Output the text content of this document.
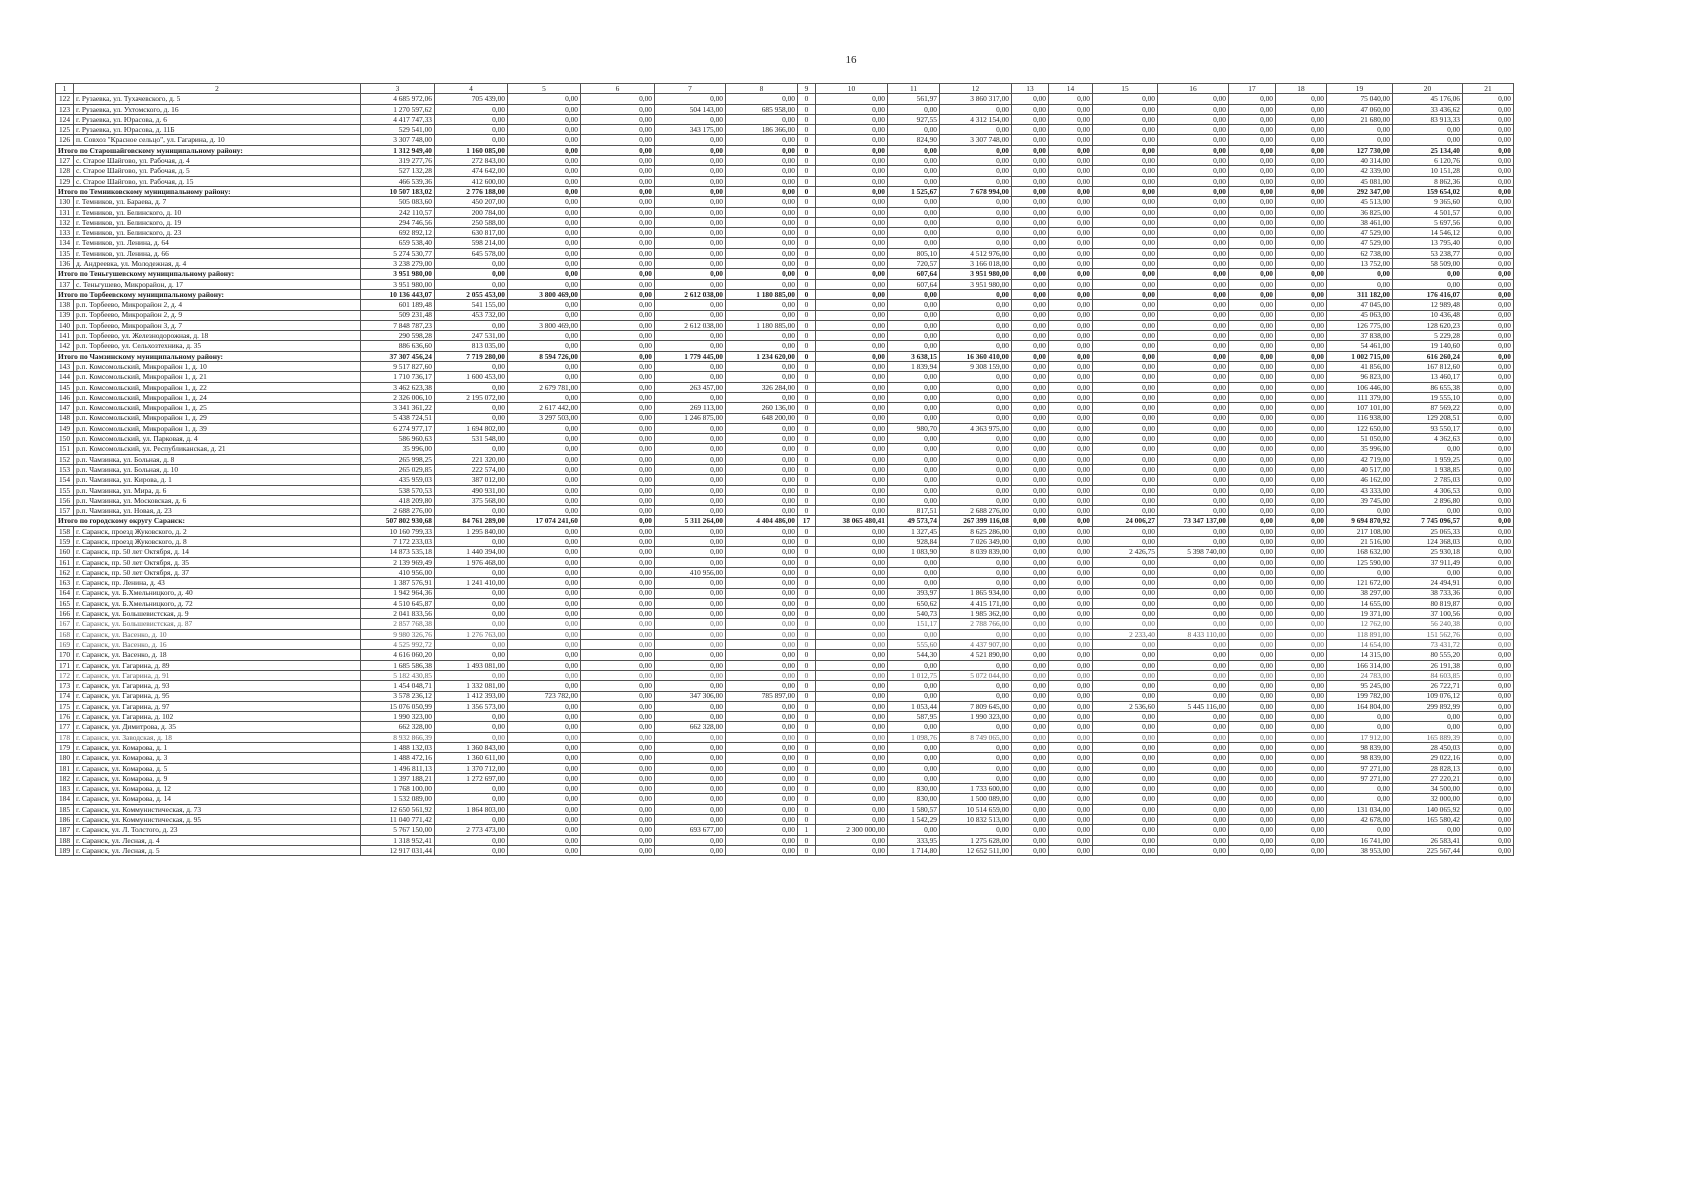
16
1	2	3	4	5	6	7	8	9	10	11	12	13	14	15	16	17	18	19	20	21
122	г. Рузаевка, ул. Тухачевского, д. 5	4 685 972,06	705 439,00	0,00	0,00	0,00	0,00	0	0,00	561,97	3 860 317,00	0,00	0,00	0,00	0,00	0,00	0,00	75 040,00	45 176,06	0,00
123	г. Рузаевка, ул. Ухтомского, д. 16	1 270 597,62	0,00	0,00	0,00	504 143,00	685 958,00	0	0,00	0,00	0,00	0,00	0,00	0,00	0,00	0,00	0,00	47 060,00	33 436,62	0,00
124	г. Рузаевка, ул. Юрасова, д. 6	4 417 747,33	0,00	0,00	0,00	0,00	0,00	0	0,00	927,55	4 312 154,00	0,00	0,00	0,00	0,00	0,00	0,00	21 680,00	83 913,33	0,00
125	г. Рузаевка, ул. Юрасова, д. 11Б	529 541,00	0,00	0,00	0,00	343 175,00	186 366,00	0	0,00	0,00	0,00	0,00	0,00	0,00	0,00	0,00	0,00	0,00	0,00	0,00
126	п. Совхоз "Красное сельцо", ул. Гагарина, д. 10	3 307 748,00	0,00	0,00	0,00	0,00	0,00	0	0,00	824,90	3 307 748,00	0,00	0,00	0,00	0,00	0,00	0,00	0,00	0,00	0,00
Итого по Старошайговскому муниципальному району:		1 312 949,40	1 160 085,00	0,00	0,00	0,00	0,00	0	0,00	0,00	0,00	0,00	0,00	0,00	0,00	0,00	0,00	127 730,00	25 134,40	0,00
127	с. Старое Шайгово, ул. Рабочая, д. 4	319 277,76	272 843,00	0,00	0,00	0,00	0,00	0	0,00	0,00	0,00	0,00	0,00	0,00	0,00	0,00	0,00	40 314,00	6 120,76	0,00
128	с. Старое Шайгово, ул. Рабочая, д. 5	527 132,28	474 642,00	0,00	0,00	0,00	0,00	0	0,00	0,00	0,00	0,00	0,00	0,00	0,00	0,00	0,00	42 339,00	10 151,28	0,00
129	с. Старое Шайгово, ул. Рабочая, д. 15	466 539,36	412 600,00	0,00	0,00	0,00	0,00	0	0,00	0,00	0,00	0,00	0,00	0,00	0,00	0,00	0,00	45 081,00	8 862,36	0,00
Итого по Темниковскому муниципальному району:		10 507 183,02	2 776 188,00	0,00	0,00	0,00	0,00	0	0,00	1 525,67	7 678 994,00	0,00	0,00	0,00	0,00	0,00	0,00	292 347,00	159 654,02	0,00
130	г. Темников, ул. Бараева, д. 7	505 083,60	450 207,00	0,00	0,00	0,00	0,00	0	0,00	0,00	0,00	0,00	0,00	0,00	0,00	0,00	0,00	45 513,00	9 365,60	0,00
131	г. Темников, ул. Белинского, д. 10	242 110,57	200 784,00	0,00	0,00	0,00	0,00	0	0,00	0,00	0,00	0,00	0,00	0,00	0,00	0,00	0,00	36 825,00	4 501,57	0,00
132	г. Темников, ул. Белинского, д. 19	294 746,56	250 588,00	0,00	0,00	0,00	0,00	0	0,00	0,00	0,00	0,00	0,00	0,00	0,00	0,00	0,00	38 461,00	5 697,56	0,00
133	г. Темников, ул. Белинского, д. 23	692 892,12	630 817,00	0,00	0,00	0,00	0,00	0	0,00	0,00	0,00	0,00	0,00	0,00	0,00	0,00	0,00	47 529,00	14 546,12	0,00
134	г. Темников, ул. Ленина, д. 64	659 538,40	598 214,00	0,00	0,00	0,00	0,00	0	0,00	0,00	0,00	0,00	0,00	0,00	0,00	0,00	0,00	47 529,00	13 795,40	0,00
135	г. Темников, ул. Ленина, д. 66	5 274 530,77	645 578,00	0,00	0,00	0,00	0,00	0	0,00	805,10	4 512 976,00	0,00	0,00	0,00	0,00	0,00	0,00	62 738,00	53 238,77	0,00
136	д. Андреевка, ул. Молодежная, д. 4	3 238 279,00	0,00	0,00	0,00	0,00	0,00	0	0,00	720,57	3 166 018,00	0,00	0,00	0,00	0,00	0,00	0,00	13 752,00	58 509,00	0,00
Итого по Теньгушевскому муниципальному району:		3 951 980,00	0,00	0,00	0,00	0,00	0,00	0	0,00	607,64	3 951 980,00	0,00	0,00	0,00	0,00	0,00	0,00	0,00	0,00	0,00
137	с. Теньгушево, Микрорайон, д. 17	3 951 980,00	0,00	0,00	0,00	0,00	0,00	0	0,00	607,64	3 951 980,00	0,00	0,00	0,00	0,00	0,00	0,00	0,00	0,00	0,00
Итого по Торбеевскому муниципальному району:		10 136 443,07	2 055 453,00	3 800 469,00	0,00	2 612 038,00	1 180 885,00	0	0,00	0,00	0,00	0,00	0,00	0,00	0,00	0,00	0,00	311 182,00	176 416,07	0,00
138	р.п. Торбеево, Микрорайон 2, д. 4	601 189,48	541 155,00	0,00	0,00	0,00	0,00	0	0,00	0,00	0,00	0,00	0,00	0,00	0,00	0,00	0,00	47 045,00	12 989,48	0,00
139	р.п. Торбеево, Микрорайон 2, д. 9	509 231,48	453 732,00	0,00	0,00	0,00	0,00	0	0,00	0,00	0,00	0,00	0,00	0,00	0,00	0,00	0,00	45 063,00	10 436,48	0,00
140	р.п. Торбеево, Микрорайон 3, д. 7	7 848 787,23	0,00	3 800 469,00	0,00	2 612 038,00	1 180 885,00	0	0,00	0,00	0,00	0,00	0,00	0,00	0,00	0,00	0,00	126 775,00	128 620,23	0,00
141	р.п. Торбеево, ул. Железнодорожная, д. 18	290 598,28	247 531,00	0,00	0,00	0,00	0,00	0	0,00	0,00	0,00	0,00	0,00	0,00	0,00	0,00	0,00	37 838,00	5 229,28	0,00
142	р.п. Торбеево, ул. Сельхозтехника, д. 35	886 636,60	813 035,00	0,00	0,00	0,00	0,00	0	0,00	0,00	0,00	0,00	0,00	0,00	0,00	0,00	0,00	54 461,00	19 140,60	0,00
Итого по Чамзинскому муниципальному району:		37 307 456,24	7 719 280,00	8 594 726,00	0,00	1 779 445,00	1 234 620,00	0	0,00	3 638,15	16 360 410,00	0,00	0,00	0,00	0,00	0,00	0,00	1 002 715,00	616 260,24	0,00
143	р.п. Комсомольский, Микрорайон 1, д. 10	9 517 827,60	0,00	0,00	0,00	0,00	0,00	0	0,00	1 839,94	9 308 159,00	0,00	0,00	0,00	0,00	0,00	0,00	41 856,00	167 812,60	0,00
144	р.п. Комсомольский, Микрорайон 1, д. 21	1 710 736,17	1 600 453,00	0,00	0,00	0,00	0,00	0	0,00	0,00	0,00	0,00	0,00	0,00	0,00	0,00	0,00	96 823,00	13 460,17	0,00
145	р.п. Комсомольский, Микрорайон 1, д. 22	3 462 623,38	0,00	2 679 781,00	0,00	263 457,00	326 284,00	0	0,00	0,00	0,00	0,00	0,00	0,00	0,00	0,00	0,00	106 446,00	86 655,38	0,00
146	р.п. Комсомольский, Микрорайон 1, д. 24	2 326 006,10	2 195 072,00	0,00	0,00	0,00	0,00	0	0,00	0,00	0,00	0,00	0,00	0,00	0,00	0,00	0,00	111 379,00	19 555,10	0,00
147	р.п. Комсомольский, Микрорайон 1, д. 25	3 341 361,22	0,00	2 617 442,00	0,00	269 113,00	260 136,00	0	0,00	0,00	0,00	0,00	0,00	0,00	0,00	0,00	0,00	107 101,00	87 569,22	0,00
148	р.п. Комсомольский, Микрорайон 1, д. 29	5 438 724,51	0,00	3 297 503,00	0,00	1 246 875,00	648 200,00	0	0,00	0,00	0,00	0,00	0,00	0,00	0,00	0,00	0,00	116 938,00	129 208,51	0,00
149	р.п. Комсомольский, Микрорайон 1, д. 39	6 274 977,17	1 694 802,00	0,00	0,00	0,00	0,00	0	0,00	980,70	4 363 975,00	0,00	0,00	0,00	0,00	0,00	0,00	122 650,00	93 550,17	0,00
150	р.п. Комсомольский, ул. Парковая, д. 4	586 960,63	531 548,00	0,00	0,00	0,00	0,00	0	0,00	0,00	0,00	0,00	0,00	0,00	0,00	0,00	0,00	51 050,00	4 362,63	0,00
151	р.п. Комсомольский, ул. Республиканская, д. 21	35 996,00	0,00	0,00	0,00	0,00	0,00	0	0,00	0,00	0,00	0,00	0,00	0,00	0,00	0,00	0,00	35 996,00	0,00	0,00
152	р.п. Чамзинка, ул. Больная, д. 8	265 998,25	221 320,00	0,00	0,00	0,00	0,00	0	0,00	0,00	0,00	0,00	0,00	0,00	0,00	0,00	0,00	42 719,00	1 959,25	0,00
153	р.п. Чамзинка, ул. Больная, д. 10	265 029,85	222 574,00	0,00	0,00	0,00	0,00	0	0,00	0,00	0,00	0,00	0,00	0,00	0,00	0,00	0,00	40 517,00	1 938,85	0,00
154	р.п. Чамзинка, ул. Кирова, д. 1	435 959,03	387 012,00	0,00	0,00	0,00	0,00	0	0,00	0,00	0,00	0,00	0,00	0,00	0,00	0,00	0,00	46 162,00	2 785,03	0,00
155	р.п. Чамзинка, ул. Мира, д. 6	538 570,53	490 931,00	0,00	0,00	0,00	0,00	0	0,00	0,00	0,00	0,00	0,00	0,00	0,00	0,00	0,00	43 333,00	4 306,53	0,00
156	р.п. Чамзинка, ул. Московская, д. 6	418 209,80	375 568,00	0,00	0,00	0,00	0,00	0	0,00	0,00	0,00	0,00	0,00	0,00	0,00	0,00	0,00	39 745,00	2 896,80	0,00
157	р.п. Чамзинка, ул. Новая, д. 23	2 688 276,00	0,00	0,00	0,00	0,00	0,00	0	0,00	817,51	2 688 276,00	0,00	0,00	0,00	0,00	0,00	0,00	0,00	0,00	0,00
Итого по городскому округу Саранск:		507 802 930,68	84 761 289,00	17 074 241,60	0,00	5 311 264,00	4 404 486,00	17	38 065 480,41	49 573,74	267 399 116,08	0,00	0,00	24 006,27	73 347 137,00	0,00	0,00	9 694 870,92	7 745 096,57	0,00
158	г. Саранск, проезд Жуковского, д. 2	10 160 799,33	1 295 840,00	0,00	0,00	0,00	0,00	0	0,00	1 327,45	8 625 286,00	0,00	0,00	0,00	0,00	0,00	0,00	217 108,00	25 065,33	0,00
159	г. Саранск, проезд Жуковского, д. 8	7 172 233,03	0,00	0,00	0,00	0,00	0,00	0	0,00	928,84	7 026 349,00	0,00	0,00	0,00	0,00	0,00	0,00	21 516,00	124 368,03	0,00
160	г. Саранск, пр. 50 лет Октября, д. 14	14 873 535,18	1 440 394,00	0,00	0,00	0,00	0,00	0	0,00	1 083,90	8 039 839,00	0,00	0,00	2 426,75	5 398 740,00	0,00	0,00	168 632,00	25 930,18	0,00
161	г. Саранск, пр. 50 лет Октября, д. 35	2 139 969,49	1 976 468,00	0,00	0,00	0,00	0,00	0	0,00	0,00	0,00	0,00	0,00	0,00	0,00	0,00	0,00	125 590,00	37 911,49	0,00
162	г. Саранск, пр. 50 лет Октября, д. 37	410 956,00	0,00	0,00	0,00	410 956,00	0,00	0	0,00	0,00	0,00	0,00	0,00	0,00	0,00	0,00	0,00	0,00	0,00	0,00
163	г. Саранск, пр. Ленина, д. 43	1 387 576,91	1 241 410,00	0,00	0,00	0,00	0,00	0	0,00	0,00	0,00	0,00	0,00	0,00	0,00	0,00	0,00	121 672,00	24 494,91	0,00
164	г. Саранск, ул. Б.Хмельницкого, д. 40	1 942 964,36	0,00	0,00	0,00	0,00	0,00	0	0,00	393,97	1 865 934,00	0,00	0,00	0,00	0,00	0,00	0,00	38 297,00	38 733,36	0,00
165	г. Саранск, ул. Б.Хмельницкого, д. 72	4 510 645,87	0,00	0,00	0,00	0,00	0,00	0	0,00	650,62	4 415 171,00	0,00	0,00	0,00	0,00	0,00	0,00	14 655,00	80 819,87	0,00
166	г. Саранск, ул. Большевистская, д. 9	2 041 833,56	0,00	0,00	0,00	0,00	0,00	0	0,00	540,73	1 985 362,00	0,00	0,00	0,00	0,00	0,00	0,00	19 371,00	37 100,56	0,00
167	г. Саранск, ул. Большевистская, д. 87	2 857 768,38	0,00	0,00	0,00	0,00	0,00	0	0,00	151,17	2 788 766,00	0,00	0,00	0,00	0,00	0,00	0,00	12 762,00	56 240,38	0,00
168	г. Саранск, ул. Васенко, д. 10	9 980 326,76	1 276 763,00	0,00	0,00	0,00	0,00	0	0,00	0,00	0,00	0,00	0,00	2 233,40	8 433 110,00	0,00	0,00	118 891,00	151 562,76	0,00
169	г. Саранск, ул. Васенко, д. 16	4 525 992,72	0,00	0,00	0,00	0,00	0,00	0	0,00	555,60	4 437 907,00	0,00	0,00	0,00	0,00	0,00	0,00	14 654,00	73 431,72	0,00
170	г. Саранск, ул. Васенко, д. 18	4 616 060,20	0,00	0,00	0,00	0,00	0,00	0	0,00	544,30	4 521 890,00	0,00	0,00	0,00	0,00	0,00	0,00	14 315,00	80 555,20	0,00
171	г. Саранск, ул. Гагарина, д. 89	1 685 586,38	1 493 081,00	0,00	0,00	0,00	0,00	0	0,00	0,00	0,00	0,00	0,00	0,00	0,00	0,00	0,00	166 314,00	26 191,38	0,00
172	г. Саранск, ул. Гагарина, д. 91	5 182 430,85	0,00	0,00	0,00	0,00	0,00	0	0,00	1 012,75	5 072 044,00	0,00	0,00	0,00	0,00	0,00	0,00	24 783,00	84 603,85	0,00
173	г. Саранск, ул. Гагарина, д. 93	1 454 048,71	1 332 081,00	0,00	0,00	0,00	0,00	0	0,00	0,00	0,00	0,00	0,00	0,00	0,00	0,00	0,00	95 245,00	26 722,71	0,00
174	г. Саранск, ул. Гагарина, д. 95	3 578 236,12	1 412 393,00	723 782,00	0,00	347 306,00	785 897,00	0	0,00	0,00	0,00	0,00	0,00	0,00	0,00	0,00	0,00	199 782,00	109 076,12	0,00
175	г. Саранск, ул. Гагарина, д. 97	15 076 050,99	1 356 573,00	0,00	0,00	0,00	0,00	0	0,00	1 053,44	7 809 645,00	0,00	0,00	2 536,60	5 445 116,00	0,00	0,00	164 804,00	299 892,99	0,00
176	г. Саранск, ул. Гагарина, д. 102	1 990 323,00	0,00	0,00	0,00	0,00	0,00	0	0,00	587,95	1 990 323,00	0,00	0,00	0,00	0,00	0,00	0,00	0,00	0,00	0,00
177	г. Саранск, ул. Димитрова, д. 35	662 328,00	0,00	0,00	0,00	662 328,00	0,00	0	0,00	0,00	0,00	0,00	0,00	0,00	0,00	0,00	0,00	0,00	0,00	0,00
178	г. Саранск, ул. Заводская, д. 18	8 932 866,39	0,00	0,00	0,00	0,00	0,00	0	0,00	1 098,76	8 749 065,00	0,00	0,00	0,00	0,00	0,00	0,00	17 912,00	165 889,39	0,00
179	г. Саранск, ул. Комарова, д. 1	1 488 132,03	1 360 843,00	0,00	0,00	0,00	0,00	0	0,00	0,00	0,00	0,00	0,00	0,00	0,00	0,00	0,00	98 839,00	28 450,03	0,00
180	г. Саранск, ул. Комарова, д. 3	1 488 472,16	1 360 611,00	0,00	0,00	0,00	0,00	0	0,00	0,00	0,00	0,00	0,00	0,00	0,00	0,00	0,00	98 839,00	29 022,16	0,00
181	г. Саранск, ул. Комарова, д. 5	1 496 811,13	1 370 712,00	0,00	0,00	0,00	0,00	0	0,00	0,00	0,00	0,00	0,00	0,00	0,00	0,00	0,00	97 271,00	28 828,13	0,00
182	г. Саранск, ул. Комарова, д. 9	1 397 188,21	1 272 697,00	0,00	0,00	0,00	0,00	0	0,00	0,00	0,00	0,00	0,00	0,00	0,00	0,00	0,00	97 271,00	27 220,21	0,00
183	г. Саранск, ул. Комарова, д. 12	1 768 100,00	0,00	0,00	0,00	0,00	0,00	0	0,00	830,00	1 733 600,00	0,00	0,00	0,00	0,00	0,00	0,00	0,00	34 500,00	0,00
184	г. Саранск, ул. Комарова, д. 14	1 532 089,00	0,00	0,00	0,00	0,00	0,00	0	0,00	830,00	1 500 089,00	0,00	0,00	0,00	0,00	0,00	0,00	0,00	32 000,00	0,00
185	г. Саранск, ул. Коммунистическая, д. 73	12 650 561,92	1 864 803,00	0,00	0,00	0,00	0,00	0	0,00	1 580,57	10 514 659,00	0,00	0,00	0,00	0,00	0,00	0,00	131 034,00	140 065,92	0,00
186	г. Саранск, ул. Коммунистическая, д. 95	11 040 771,42	0,00	0,00	0,00	0,00	0,00	0	0,00	1 542,29	10 832 513,00	0,00	0,00	0,00	0,00	0,00	0,00	42 678,00	165 580,42	0,00
187	г. Саранск, ул. Л. Толстого, д. 23	5 767 150,00	2 773 473,00	0,00	0,00	693 677,00	0,00	1	2 300 000,00	0,00	0,00	0,00	0,00	0,00	0,00	0,00	0,00	0,00	0,00	0,00
188	г. Саранск, ул. Лесная, д. 4	1 318 952,41	0,00	0,00	0,00	0,00	0,00	0	0,00	333,95	1 275 628,00	0,00	0,00	0,00	0,00	0,00	0,00	16 741,00	26 583,41	0,00
189	г. Саранск, ул. Лесная, д. 5	12 917 031,44	0,00	0,00	0,00	0,00	0,00	0	0,00	1 714,80	12 652 511,00	0,00	0,00	0,00	0,00	0,00	0,00	38 953,00	225 567,44	0,00
